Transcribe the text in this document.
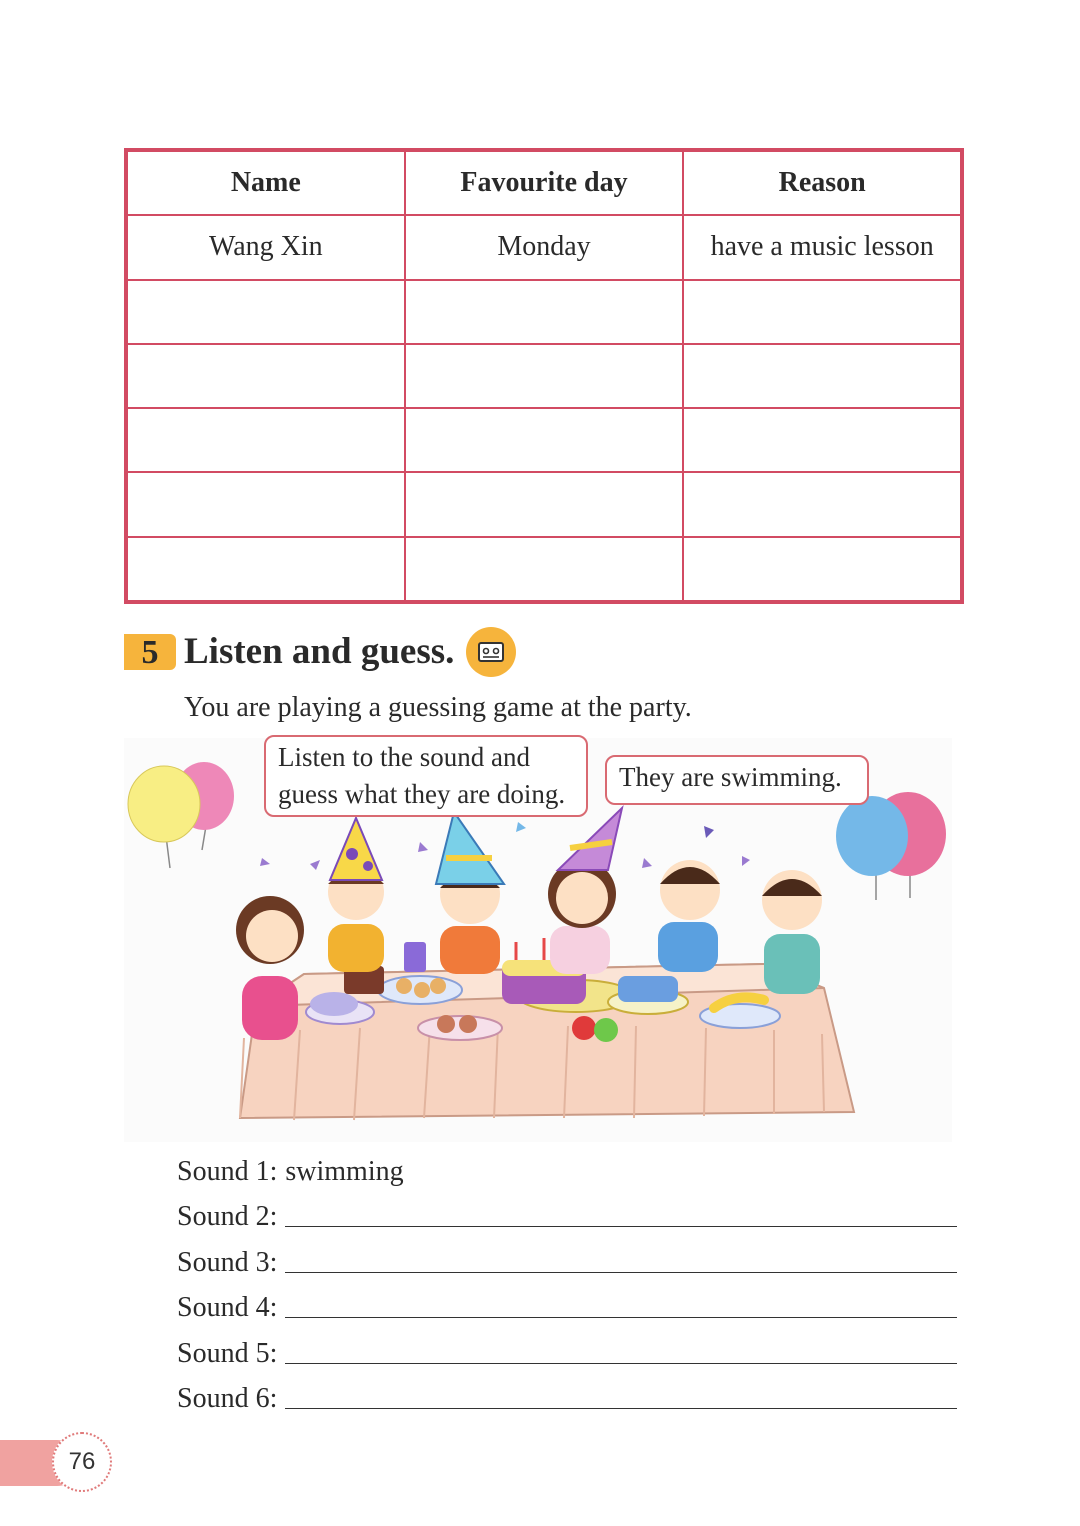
Name	Favourite day	Reason
Wang Xin	Monday	have a music lesson

5 Listen and guess.
You are playing a guessing game at the party.
Listen to the sound and
guess what they are doing.
They are swimming.
Sound 1: swimming
Sound 2:
Sound 3:
Sound 4:
Sound 5:
Sound 6:
76
